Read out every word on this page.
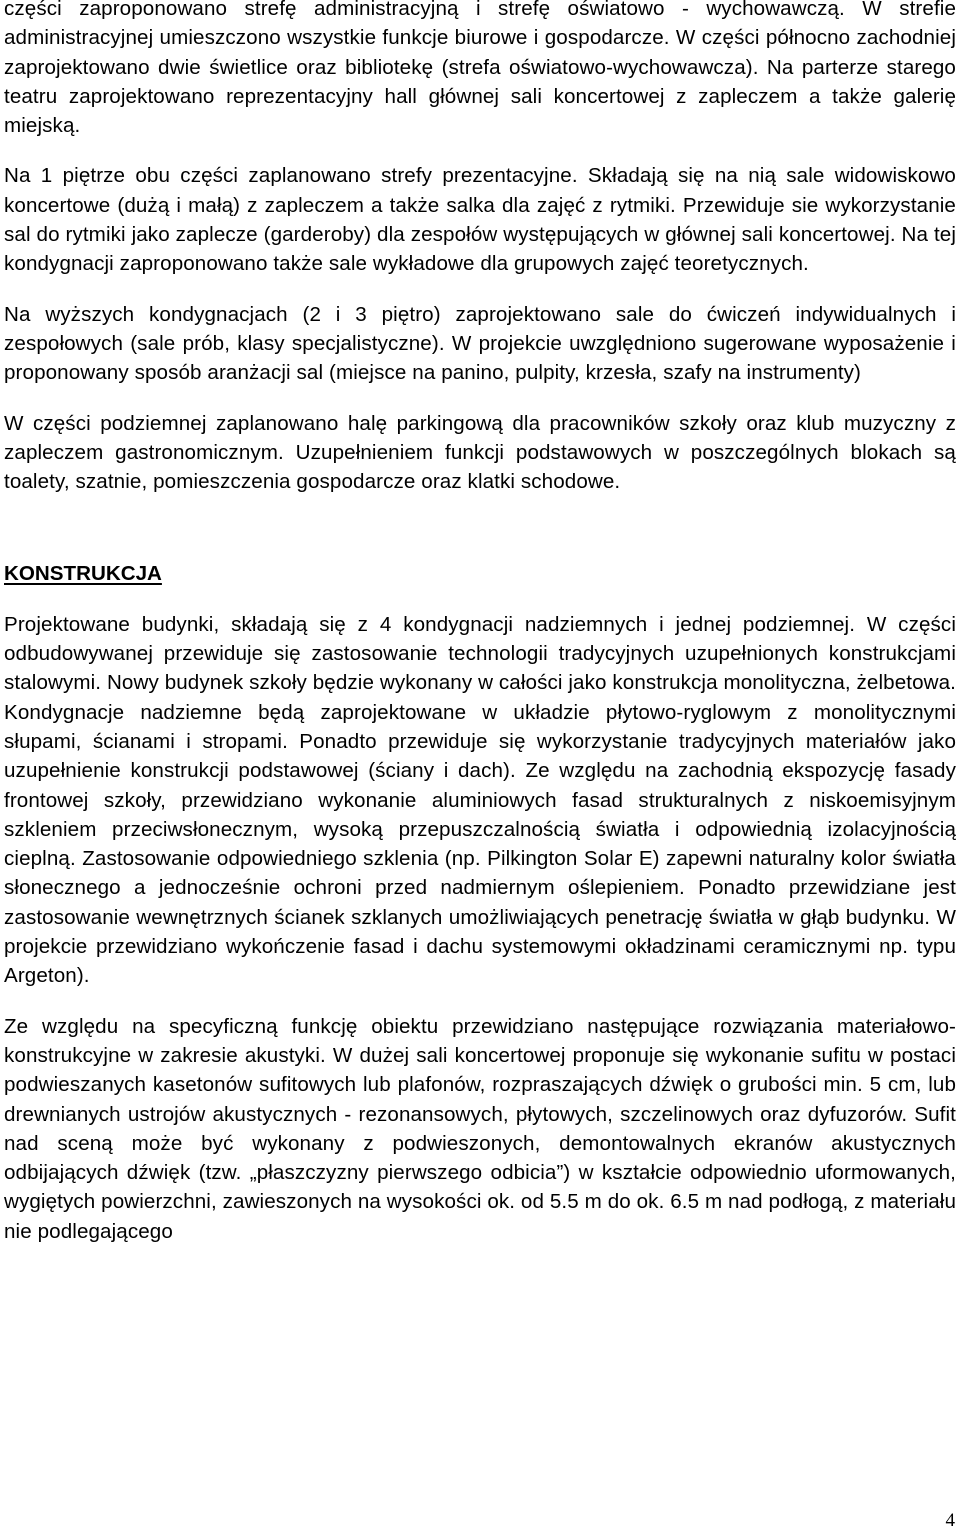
części zaproponowano strefę administracyjną i strefę oświatowo - wychowawczą. W strefie administracyjnej umieszczono wszystkie funkcje biurowe i gospodarcze. W części północno zachodniej zaprojektowano dwie świetlice oraz bibliotekę (strefa oświatowo-wychowawcza). Na parterze starego teatru zaprojektowano reprezentacyjny hall głównej sali koncertowej z zapleczem a także galerię miejską.

Na 1 piętrze obu części zaplanowano strefy prezentacyjne. Składają się na nią sale widowiskowo koncertowe (dużą i małą) z zapleczem a także salka dla zajęć z rytmiki. Przewiduje sie wykorzystanie sal do rytmiki jako zaplecze (garderoby) dla zespołów występujących w głównej sali koncertowej. Na tej kondygnacji zaproponowano także sale wykładowe dla grupowych zajęć teoretycznych.

Na wyższych kondygnacjach (2 i 3 piętro) zaprojektowano sale do ćwiczeń indywidualnych i zespołowych (sale prób, klasy specjalistyczne). W projekcie uwzględniono sugerowane wyposażenie i proponowany sposób aranżacji sal (miejsce na panino, pulpity, krzesła, szafy na instrumenty)

W części podziemnej zaplanowano halę parkingową dla pracowników szkoły oraz klub muzyczny z zapleczem gastronomicznym. Uzupełnieniem funkcji podstawowych w poszczególnych blokach są toalety, szatnie, pomieszczenia gospodarcze oraz klatki schodowe.

KONSTRUKCJA

Projektowane budynki, składają się z 4 kondygnacji nadziemnych i jednej podziemnej. W części odbudowywanej przewiduje się zastosowanie technologii tradycyjnych uzupełnionych konstrukcjami stalowymi. Nowy budynek szkoły będzie wykonany w całości jako konstrukcja monolityczna, żelbetowa. Kondygnacje nadziemne będą zaprojektowane w układzie płytowo-ryglowym z monolitycznymi słupami, ścianami i stropami. Ponadto przewiduje się wykorzystanie tradycyjnych materiałów jako uzupełnienie konstrukcji podstawowej (ściany i dach). Ze względu na zachodnią ekspozycję fasady frontowej szkoły, przewidziano wykonanie aluminiowych fasad strukturalnych z niskoemisyjnym szkleniem przeciwsłonecznym, wysoką przepuszczalnością światła i odpowiednią izolacyjnością cieplną. Zastosowanie odpowiedniego szklenia (np. Pilkington Solar E) zapewni naturalny kolor światła słonecznego a jednocześnie ochroni przed nadmiernym oślepieniem. Ponadto przewidziane jest zastosowanie wewnętrznych ścianek szklanych umożliwiających penetrację światła w głąb budynku. W projekcie przewidziano wykończenie fasad i dachu systemowymi okładzinami ceramicznymi np. typu Argeton).

Ze względu na specyficzną funkcję obiektu przewidziano następujące rozwiązania materiałowo-konstrukcyjne w zakresie akustyki. W dużej sali koncertowej proponuje się wykonanie sufitu w postaci podwieszanych kasetonów sufitowych lub plafonów, rozpraszających dźwięk o grubości min. 5 cm, lub drewnianych ustrojów akustycznych - rezonansowych, płytowych, szczelinowych oraz dyfuzorów. Sufit nad sceną może być wykonany z podwieszonych, demontowalnych ekranów akustycznych odbijających dźwięk (tzw. „płaszczyzny pierwszego odbicia”) w kształcie odpowiednio uformowanych, wygiętych powierzchni, zawieszonych na wysokości ok. od 5.5 m do ok. 6.5 m nad podłogą, z materiału nie podlegającego

4
